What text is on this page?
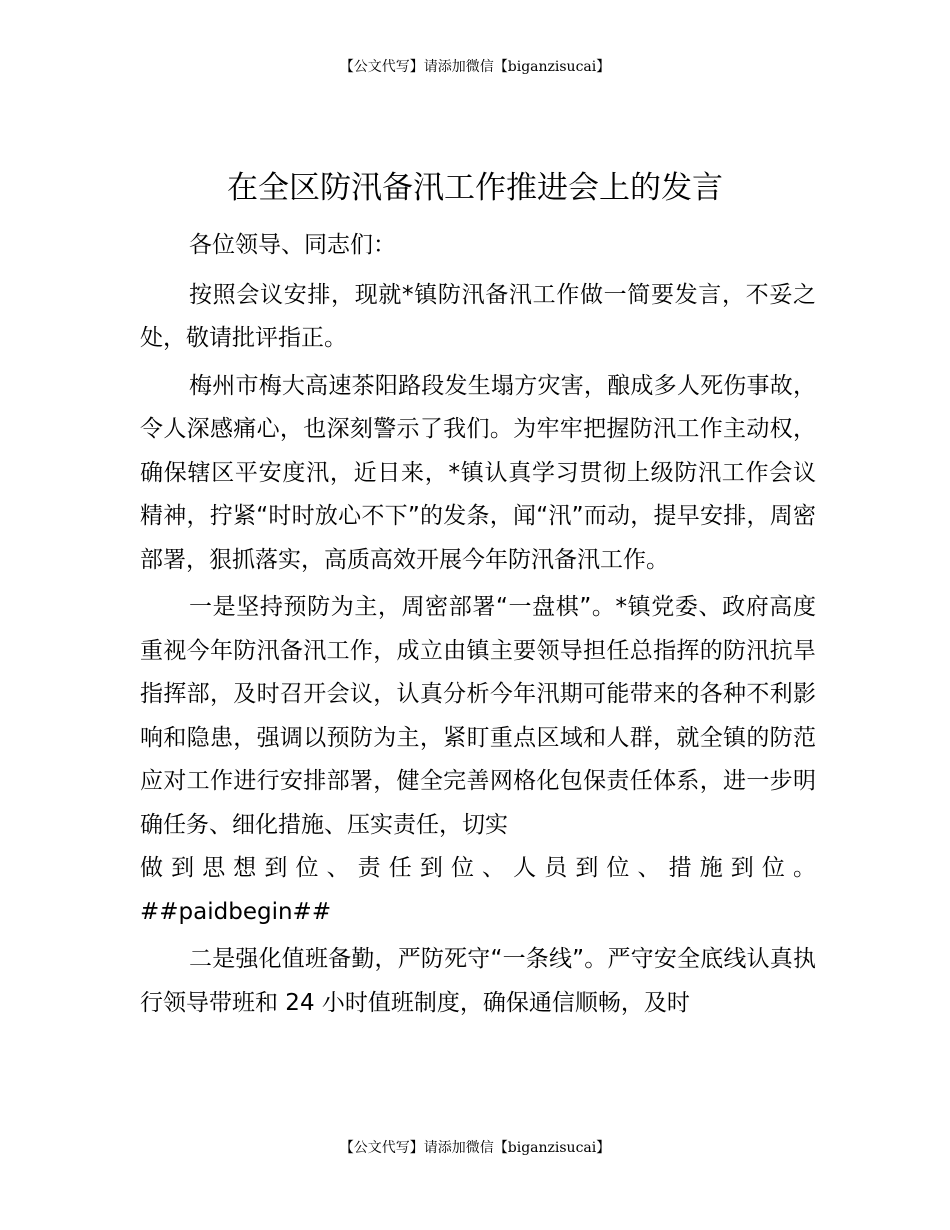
【公文代写】请添加微信【biganzisucai】
在全区防汛备汛工作推进会上的发言

各位领导、同志们：

按照会议安排，现就*镇防汛备汛工作做一简要发言，不妥之处，敬请批评指正。

梅州市梅大高速茶阳路段发生塌方灾害，酿成多人死伤事故，令人深感痛心，也深刻警示了我们。为牢牢把握防汛工作主动权，确保辖区平安度汛，近日来，*镇认真学习贯彻上级防汛工作会议精神，拧紧“时时放心不下”的发条，闻“汛”而动，提早安排，周密部署，狠抓落实，高质高效开展今年防汛备汛工作。

一是坚持预防为主，周密部署“一盘棋”。*镇党委、政府高度重视今年防汛备汛工作，成立由镇主要领导担任总指挥的防汛抗旱指挥部，及时召开会议，认真分析今年汛期可能带来的各种不利影响和隐患，强调以预防为主，紧盯重点区域和人群，就全镇的防范应对工作进行安排部署，健全完善网格化包保责任体系，进一步明确任务、细化措施、压实责任，切实

做到思想到位、责任到位、人员到位、措施到位。

##paidbegin##

二是强化值班备勤，严防死守“一条线”。严守安全底线认真执行领导带班和 24 小时值班制度，确保通信顺畅，及时

【公文代写】请添加微信【biganzisucai】
